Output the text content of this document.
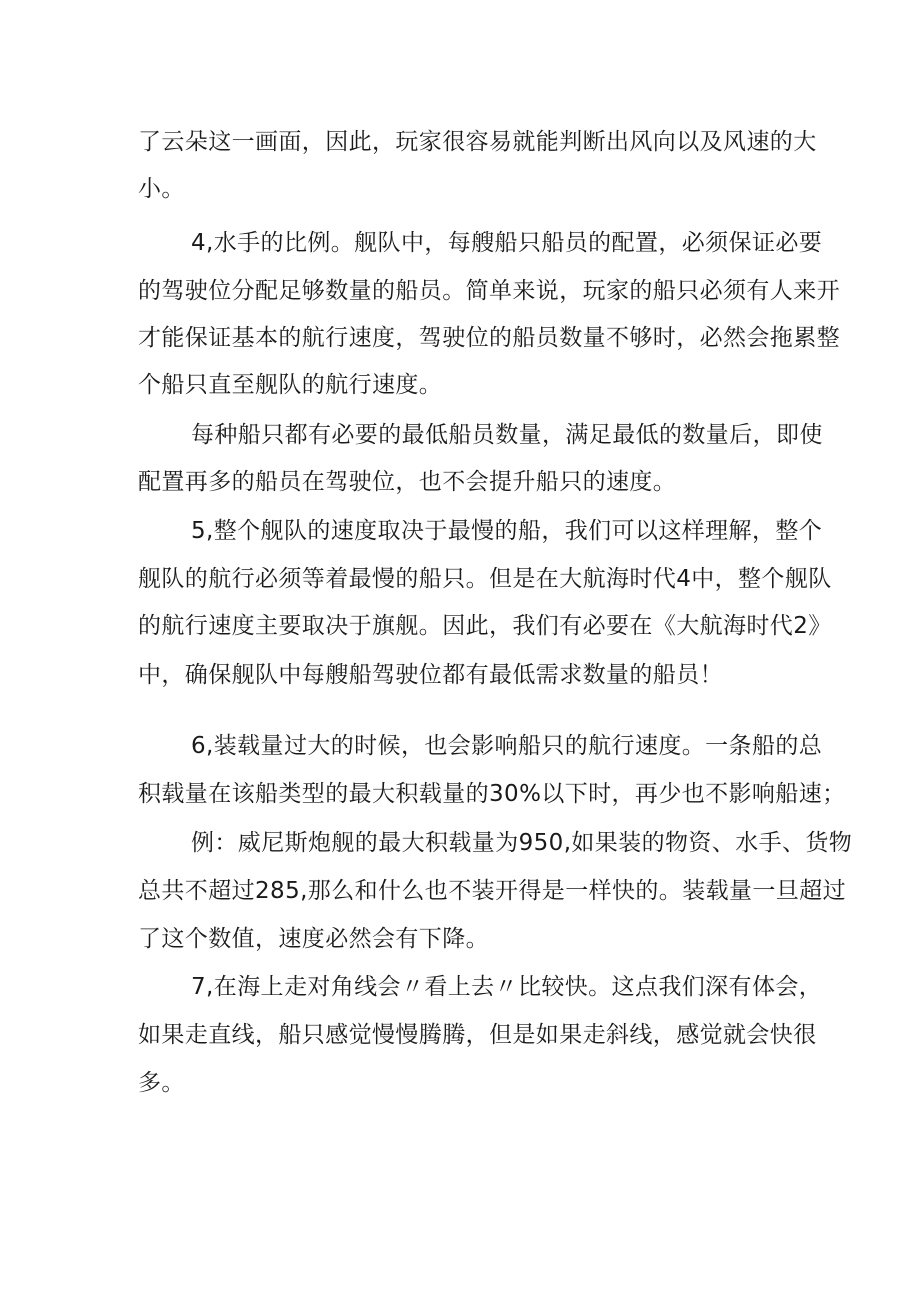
了云朵这一画面，因此，玩家很容易就能判断出风向以及风速的大
小。
4,水手的比例。舰队中，每艘船只船员的配置，必须保证必要
的驾驶位分配足够数量的船员。简单来说，玩家的船只必须有人来开
才能保证基本的航行速度，驾驶位的船员数量不够时，必然会拖累整
个船只直至舰队的航行速度。
每种船只都有必要的最低船员数量，满足最低的数量后，即使
配置再多的船员在驾驶位，也不会提升船只的速度。
5,整个舰队的速度取决于最慢的船，我们可以这样理解，整个
舰队的航行必须等着最慢的船只。但是在大航海时代4中，整个舰队
的航行速度主要取决于旗舰。因此，我们有必要在《大航海时代2》
中，确保舰队中每艘船驾驶位都有最低需求数量的船员！
6,装载量过大的时候，也会影响船只的航行速度。一条船的总
积载量在该船类型的最大积载量的30%以下时，再少也不影响船速；
例：威尼斯炮舰的最大积载量为950,如果装的物资、水手、货物
总共不超过285,那么和什么也不装开得是一样快的。装载量一旦超过
了这个数值，速度必然会有下降。
7,在海上走对角线会〃看上去〃比较快。这点我们深有体会，
如果走直线，船只感觉慢慢腾腾，但是如果走斜线，感觉就会快很
多。
